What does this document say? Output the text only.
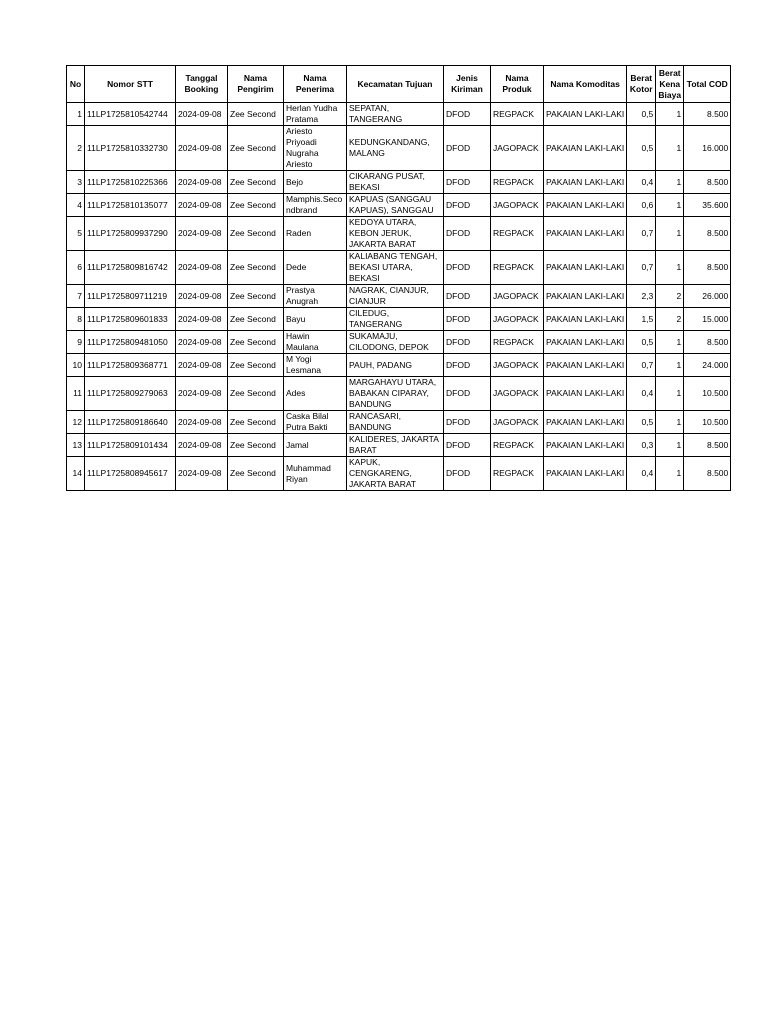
No	Nomor STT	Tanggal Booking	Nama Pengirim	Nama Penerima	Kecamatan Tujuan	Jenis Kiriman	Nama Produk	Nama Komoditas	Berat Kotor	Berat Kena Biaya	Total COD
1	11LP1725810542744	2024-09-08	Zee Second	Herlan Yudha Pratama	SEPATAN, TANGERANG	DFOD	REGPACK	PAKAIAN LAKI-LAKI	0,5	1	8.500
2	11LP1725810332730	2024-09-08	Zee Second	Ariesto Priyoadi Nugraha Ariesto	KEDUNGKANDANG, MALANG	DFOD	JAGOPACK	PAKAIAN LAKI-LAKI	0,5	1	16.000
3	11LP1725810225366	2024-09-08	Zee Second	Bejo	CIKARANG PUSAT, BEKASI	DFOD	REGPACK	PAKAIAN LAKI-LAKI	0,4	1	8.500
4	11LP1725810135077	2024-09-08	Zee Second	Mamphis.Seco ndbrand	KAPUAS (SANGGAU KAPUAS), SANGGAU	DFOD	JAGOPACK	PAKAIAN LAKI-LAKI	0,6	1	35.600
5	11LP1725809937290	2024-09-08	Zee Second	Raden	KEDOYA UTARA, KEBON JERUK, JAKARTA BARAT	DFOD	REGPACK	PAKAIAN LAKI-LAKI	0,7	1	8.500
6	11LP1725809816742	2024-09-08	Zee Second	Dede	KALIABANG TENGAH, BEKASI UTARA, BEKASI	DFOD	REGPACK	PAKAIAN LAKI-LAKI	0,7	1	8.500
7	11LP1725809711219	2024-09-08	Zee Second	Prastya Anugrah	NAGRAK, CIANJUR, CIANJUR	DFOD	JAGOPACK	PAKAIAN LAKI-LAKI	2,3	2	26.000
8	11LP1725809601833	2024-09-08	Zee Second	Bayu	CILEDUG, TANGERANG	DFOD	JAGOPACK	PAKAIAN LAKI-LAKI	1,5	2	15.000
9	11LP1725809481050	2024-09-08	Zee Second	Hawin Maulana	SUKAMAJU, CILODONG, DEPOK	DFOD	REGPACK	PAKAIAN LAKI-LAKI	0,5	1	8.500
10	11LP1725809368771	2024-09-08	Zee Second	M Yogi Lesmana	PAUH, PADANG	DFOD	JAGOPACK	PAKAIAN LAKI-LAKI	0,7	1	24.000
11	11LP1725809279063	2024-09-08	Zee Second	Ades	MARGAHAYU UTARA, BABAKAN CIPARAY, BANDUNG	DFOD	JAGOPACK	PAKAIAN LAKI-LAKI	0,4	1	10.500
12	11LP1725809186640	2024-09-08	Zee Second	Caska Bilal Putra Bakti	RANCASARI, BANDUNG	DFOD	JAGOPACK	PAKAIAN LAKI-LAKI	0,5	1	10.500
13	11LP1725809101434	2024-09-08	Zee Second	Jamal	KALIDERES, JAKARTA BARAT	DFOD	REGPACK	PAKAIAN LAKI-LAKI	0,3	1	8.500
14	11LP1725808945617	2024-09-08	Zee Second	Muhammad Riyan	KAPUK, CENGKARENG, JAKARTA BARAT	DFOD	REGPACK	PAKAIAN LAKI-LAKI	0,4	1	8.500
